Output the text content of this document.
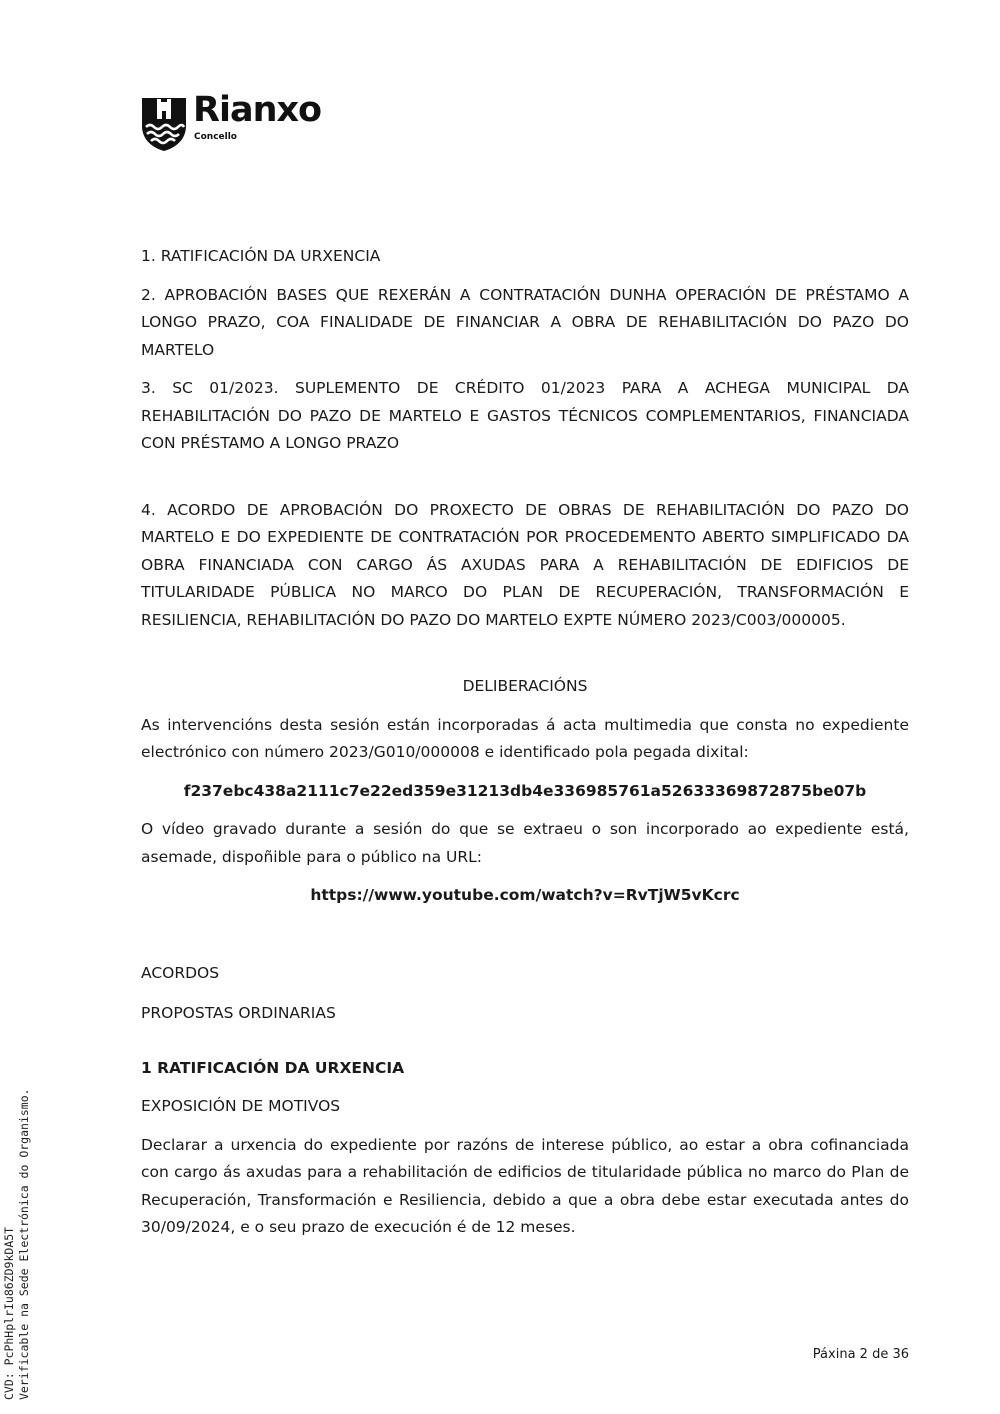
Rianxo
Concello

1. RATIFICACIÓN DA URXENCIA

2. APROBACIÓN BASES QUE REXERÁN A CONTRATACIÓN DUNHA OPERACIÓN DE PRÉSTAMO A LONGO PRAZO, COA FINALIDADE DE FINANCIAR A OBRA DE REHABILITACIÓN DO PAZO DO MARTELO

3. SC 01/2023. SUPLEMENTO DE CRÉDITO 01/2023 PARA A ACHEGA MUNICIPAL DA REHABILITACIÓN DO PAZO DE MARTELO E GASTOS TÉCNICOS COMPLEMENTARIOS, FINANCIADA CON PRÉSTAMO A LONGO PRAZO

4. ACORDO DE APROBACIÓN DO PROXECTO DE OBRAS DE REHABILITACIÓN DO PAZO DO MARTELO E DO EXPEDIENTE DE CONTRATACIÓN POR PROCEDEMENTO ABERTO SIMPLIFICADO DA OBRA FINANCIADA CON CARGO ÁS AXUDAS PARA A REHABILITACIÓN DE EDIFICIOS DE TITULARIDADE PÚBLICA NO MARCO DO PLAN DE RECUPERACIÓN, TRANSFORMACIÓN E RESILIENCIA, REHABILITACIÓN DO PAZO DO MARTELO EXPTE NÚMERO 2023/C003/000005.

DELIBERACIÓNS

As intervencións desta sesión están incorporadas á acta multimedia que consta no expediente electrónico con número 2023/G010/000008 e identificado pola pegada dixital:

f237ebc438a2111c7e22ed359e31213db4e336985761a52633369872875be07b

O vídeo gravado durante a sesión do que se extraeu o son incorporado ao expediente está, asemade, dispoñible para o público na URL:

https://www.youtube.com/watch?v=RvTjW5vKcrc

ACORDOS

PROPOSTAS ORDINARIAS

1 RATIFICACIÓN DA URXENCIA

EXPOSICIÓN DE MOTIVOS

Declarar a urxencia do expediente por razóns de interese público, ao estar a obra cofinanciada con cargo ás axudas para a rehabilitación de edificios de titularidade pública no marco do Plan de Recuperación, Transformación e Resiliencia, debido a que a obra debe estar executada antes do 30/09/2024, e o seu prazo de execución é de 12 meses.

Páxina 2 de 36
CVD: PcPhHplrIu86ZD9kDA5T Verificable na Sede Electrónica do Organismo.
